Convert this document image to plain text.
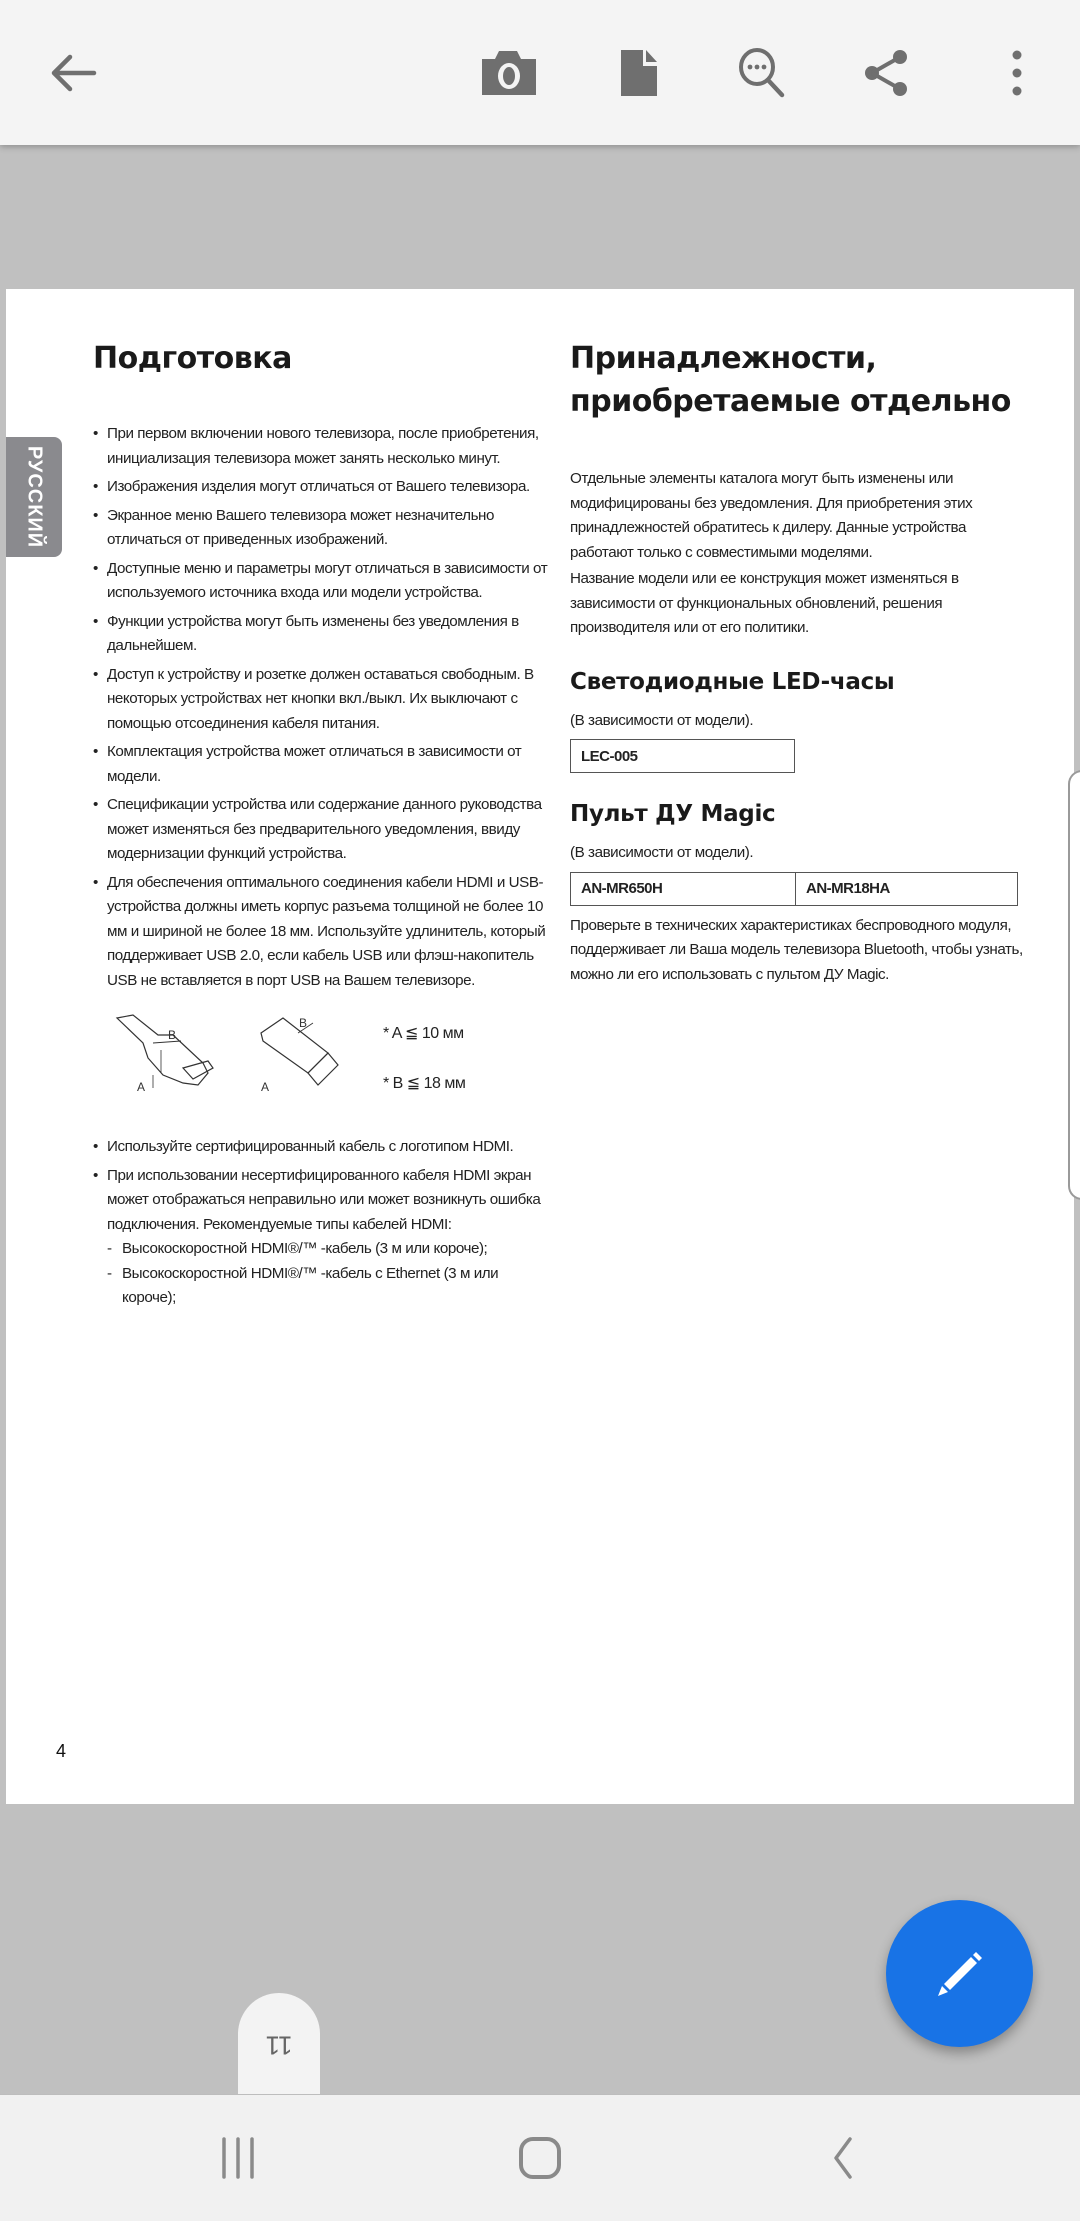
РУССКИЙ
Подготовка
• При первом включении нового телевизора, после приобретения, инициализация телевизора может занять несколько минут.
• Изображения изделия могут отличаться от Вашего телевизора.
• Экранное меню Вашего телевизора может незначительно отличаться от приведенных изображений.
• Доступные меню и параметры могут отличаться в зависимости от используемого источника входа или модели устройства.
• Функции устройства могут быть изменены без уведомления в дальнейшем.
• Доступ к устройству и розетке должен оставаться свободным. В некоторых устройствах нет кнопки вкл./выкл. Их выключают с помощью отсоединения кабеля питания.
• Комплектация устройства может отличаться в зависимости от модели.
• Спецификации устройства или содержание данного руководства может изменяться без предварительного уведомления, ввиду модернизации функций устройства.
• Для обеспечения оптимального соединения кабели HDMI и USB-устройства должны иметь корпус разъема толщиной не более 10 мм и шириной не более 18 мм. Используйте удлинитель, который поддерживает USB 2.0, если кабель USB или флэш-накопитель USB не вставляется в порт USB на Вашем телевизоре.
A
B
A
B
* A ≦ 10 мм
* B ≦ 18 мм
• Используйте сертифицированный кабель с логотипом HDMI.
• При использовании несертифицированного кабеля HDMI экран может отображаться неправильно или может возникнуть ошибка подключения. Рекомендуемые типы кабелей HDMI:
- Высокоскоростной HDMI®/™ -кабель (3 м или короче);
- Высокоскоростной HDMI®/™ -кабель с Ethernet (3 м или короче);
Принадлежности, приобретаемые отдельно

Отдельные элементы каталога могут быть изменены или модифицированы без уведомления. Для приобретения этих принадлежностей обратитесь к дилеру. Данные устройства работают только с совместимыми моделями.

Название модели или ее конструкция может изменяться в зависимости от функциональных обновлений, решения производителя или от его политики.

Светодиодные LED-часы

(В зависимости от модели).

LEC-005
Пульт ДУ Magic

(В зависимости от модели).

AN-MR650H	AN-MR18HA

Проверьте в технических характеристиках беспроводного модуля, поддерживает ли Ваша модель телевизора Bluetooth, чтобы узнать, можно ли его использовать с пультом ДУ Magic.

4
11
